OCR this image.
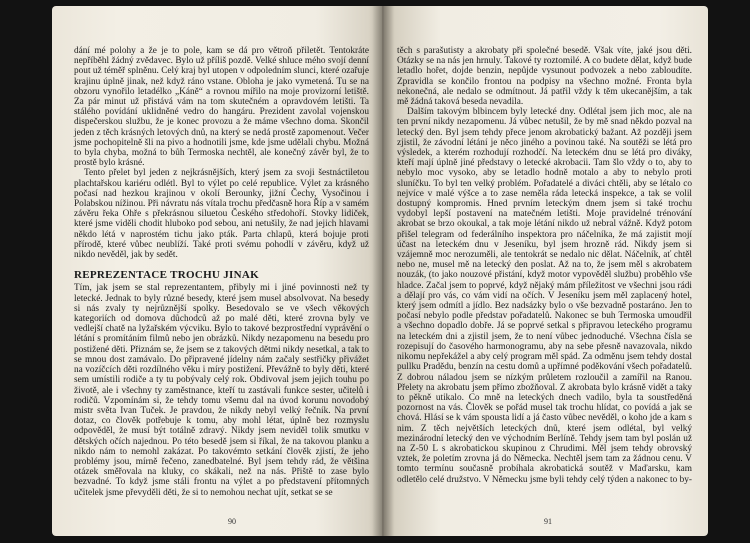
dání mé polohy a že je to pole, kam se dá pro větroň přiletět. Tentokráte nepříběhl žádný zvědavec. Bylo už příliš pozdě. Velké shluce mého svojí denní pout už téměř splněnu. Celý kraj byl utopen v odpoledním slunci, které ozařuje krajinu úplně jinak, než když ráno vstane. Obloha je jako vymetená. Tu se na obzoru vynořilo letadélko „Káně“ a rovnou mířilo na moje provizorní letiště. Za pár minut už přistává vám na tom skutečném a opravdovém letišti. Ta stálého povídání uklidněné vedro do hangáru. Prezident zavolal vojenskou dispečerskou službu, že je konec provozu a že máme všechno doma. Skončil jeden z těch krásných letových dnů, na který se nedá prostě zapomenout. Večer jsme pochopitelně šli na pivo a hodnotili jsme, kde jsme udělali chybu. Možná to byla chyba, možná to bůh Termoska nechtěl, ale konečný závěr byl, že to prostě bylo krásné.

Tento přelet byl jeden z nejkrásnějších, který jsem za svoji šestnáctiletou plachtařskou kariéru odlétl. Byl to výlet po celé republice. Výlet za krásného počasí nad hezkou krajinou v okolí Berounky, jižní Čechy, Vysočinou i Polabskou nížinou. Při návratu nás vítala trochu předčasně hora Říp a v samém závěru řeka Ohře s překrásnou siluetou Českého středohoří. Stovky lidiček, které jsme viděli chodit hluboko pod sebou, ani netušily, že nad jejich hlavami někdo létá v naprostém tichu jako pták. Parta chlapů, která bojuje proti přírodě, které vůbec neublíží. Také proti svému pohodlí v závěru, když už nikdo nevěděl, jak by sedět.

REPREZENTACE TROCHU JINAK

Tím, jak jsem se stal reprezentantem, přibyly mi i jiné povinnosti než ty letecké. Jednak to byly různé besedy, které jsem musel absolvovat. Na besedy si nás zvaly ty nejrůznější spolky. Besedovalo se ve všech věkových kategoriích od domova důchodců až po malé děti, které zrovna byly ve vedlejší chatě na lyžařském výcviku. Bylo to takové bezprostřední vyprávění o létání s promítáním filmů nebo jen obrázků. Nikdy nezapomenu na besedu pro postižené děti. Přiznám se, že jsem se z takových dětmi nikdy nesetkal, a tak to se mnou dost zamávalo. Do připravené jídelny nám začaly sestřičky přivážet na vozíčcích děti rozdílného věku i míry postižení. Převážně to byly děti, které sem umístili rodiče a ty tu pobývaly celý rok. Obdivoval jsem jejich touhu po životě, ale i všechny ty zaměstnance, kteří tu zastávali funkce sester, učitelů i rodičů. Vzpomínám si, že tehdy tomu všemu dal na úvod korunu novodobý mistr světa Ivan Tuček. Je pravdou, že nikdy nebyl velký řečník. Na první dotaz, co člověk potřebuje k tomu, aby mohl létat, úplně bez rozmyslu odpověděl, že musí být totálně zdravý. Nikdy jsem neviděl tolik smutku v dětských očích najednou. Po této besedě jsem si říkal, že na takovou planku a nikdo nám to nemohl zakázat. Po takovémto setkání člověk zjistí, že jeho problémy jsou, mírně řečeno, zanedbatelné. Byl jsem tehdy rád, že většina otázek směřovala na kluky, co skákali, než na nás. Přiště to zase bylo bezvadné. To když jsme stáli frontu na výlet a po představení přítomných učitelek jsme převyděli děti, že si to nemohou nechat ujít, setkat se se

90

těch s parašutisty a akrobaty při společné besedě. Však víte, jaké jsou děti. Otázky se na nás jen hrnuly. Takové ty roztomilé. A co budete dělat, když bude letadlo hořet, dojde benzin, nepůjde vysunout podvozek a nebo zabloudíte. Zpravidla se končilo frontou na podpisy na všechno možné. Fronta byla nekonečná, ale nedalo se odmítnout. Já patřil vždy k těm ukecanějším, a tak mě žádná taková beseda nevadila.

Dalším takovým blbincem byly letecké dny. Odlétal jsem jich moc, ale na ten první nikdy nezapomenu. Já vůbec netušil, že by mě snad někdo pozval na letecký den. Byl jsem tehdy přece jenom akrobatický bažant. Až později jsem zjistil, že závodní létání je něco jiného a povinou také. Na soutěži se létá pro výsledek, a kterém rozhodují rozhodčí. Na leteckém dnu se létá pro diváky, kteří mají úplně jiné představy o letecké akrobacii. Tam šlo vždy o to, aby to nebylo moc vysoko, aby se letadlo hodně motalo a aby to nebylo proti sluníčku. To byl ten velký problém. Pořadatelé a diváci chtěli, aby se létalo co nejvíce v malé výšce a to zase neměla ráda letecká inspekce, a tak se volil dostupný kompromis. Hned prvním leteckým dnem jsem si také trochu vydobyl lepší postavení na matečném letišti. Moje pravidelné trénování akrobat se brzo okoukal, a tak moje létání nikdo už nebral vážně. Když potom přišel telegram od federálního inspektora pro náčelníka, že má zajistit mojí účast na leteckém dnu v Jeseníku, byl jsem hrozně rád. Nikdy jsem si vzájemně moc nerozuměli, ale tentokrát se nedalo nic dělat. Náčelník, ať chtěl nebo ne, musel mě na letecký den poslat. Až na to, že jsem měl s akrobatem nouzák, (to jako nouzové přistání, když motor vypověděl službu) proběhlo vše hladce. Začal jsem to poprvé, když nějaký mám příležitost ve všechni jsou rádi a dělají pro vás, co vám vidí na očích. V Jeseníku jsem měl zaplacený hotel, který jsem odmítl a jídlo. Bez nadsázky bylo o vše bezvadně postaráno. Jen to počasí nebylo podle představ pořadatelů. Nakonec se buh Termoska umoudřil a všechno dopadlo dobře. Já se poprvé setkal s připravou leteckého programu na leteckém dni a zjistil jsem, že to není vůbec jednoduché. Všechna čísla se rozepisují do časového harmonogramu, aby na sebe přesně navazovala, nikdo nikomu nepřekážel a aby celý program měl spád. Za odměnu jsem tehdy dostal pullku Pradědu, benzín na cestu domů a upřímné poděkování všech pořadatelů. Z dobrou náladou jsem se nízkým průletem rozloučil a zamířil na Ranou. Přelety na akrobatu jsem přímo zbožňoval. Z akrobata bylo krásně vidět a taky to pěkně utikalo. Co mně na leteckých dnech vadilo, byla ta soustředěná pozornost na vás. Člověk se pořád musel tak trochu hlídat, co povídá a jak se chová. Hlásí se k vám spousta lidí a já často vůbec nevěděl, o koho jde a kam s nim. Z těch největších leteckých dnů, které jsem odlétal, byl velký mezinárodní letecký den ve východním Berlíně. Tehdy jsem tam byl poslán už na Z-50 L s akrobatickou skupinou z Chrudimi. Měl jsem tehdy obrovský vztek, že poletím zrovna já do Německa. Nechtěl jsem tam za žádnou cenu. V tomto termínu současně probíhala akrobatická soutěž v Maďarsku, kam odletělo celé družstvo. V Německu jsme byli tehdy celý týden a nakonec to by-

91
